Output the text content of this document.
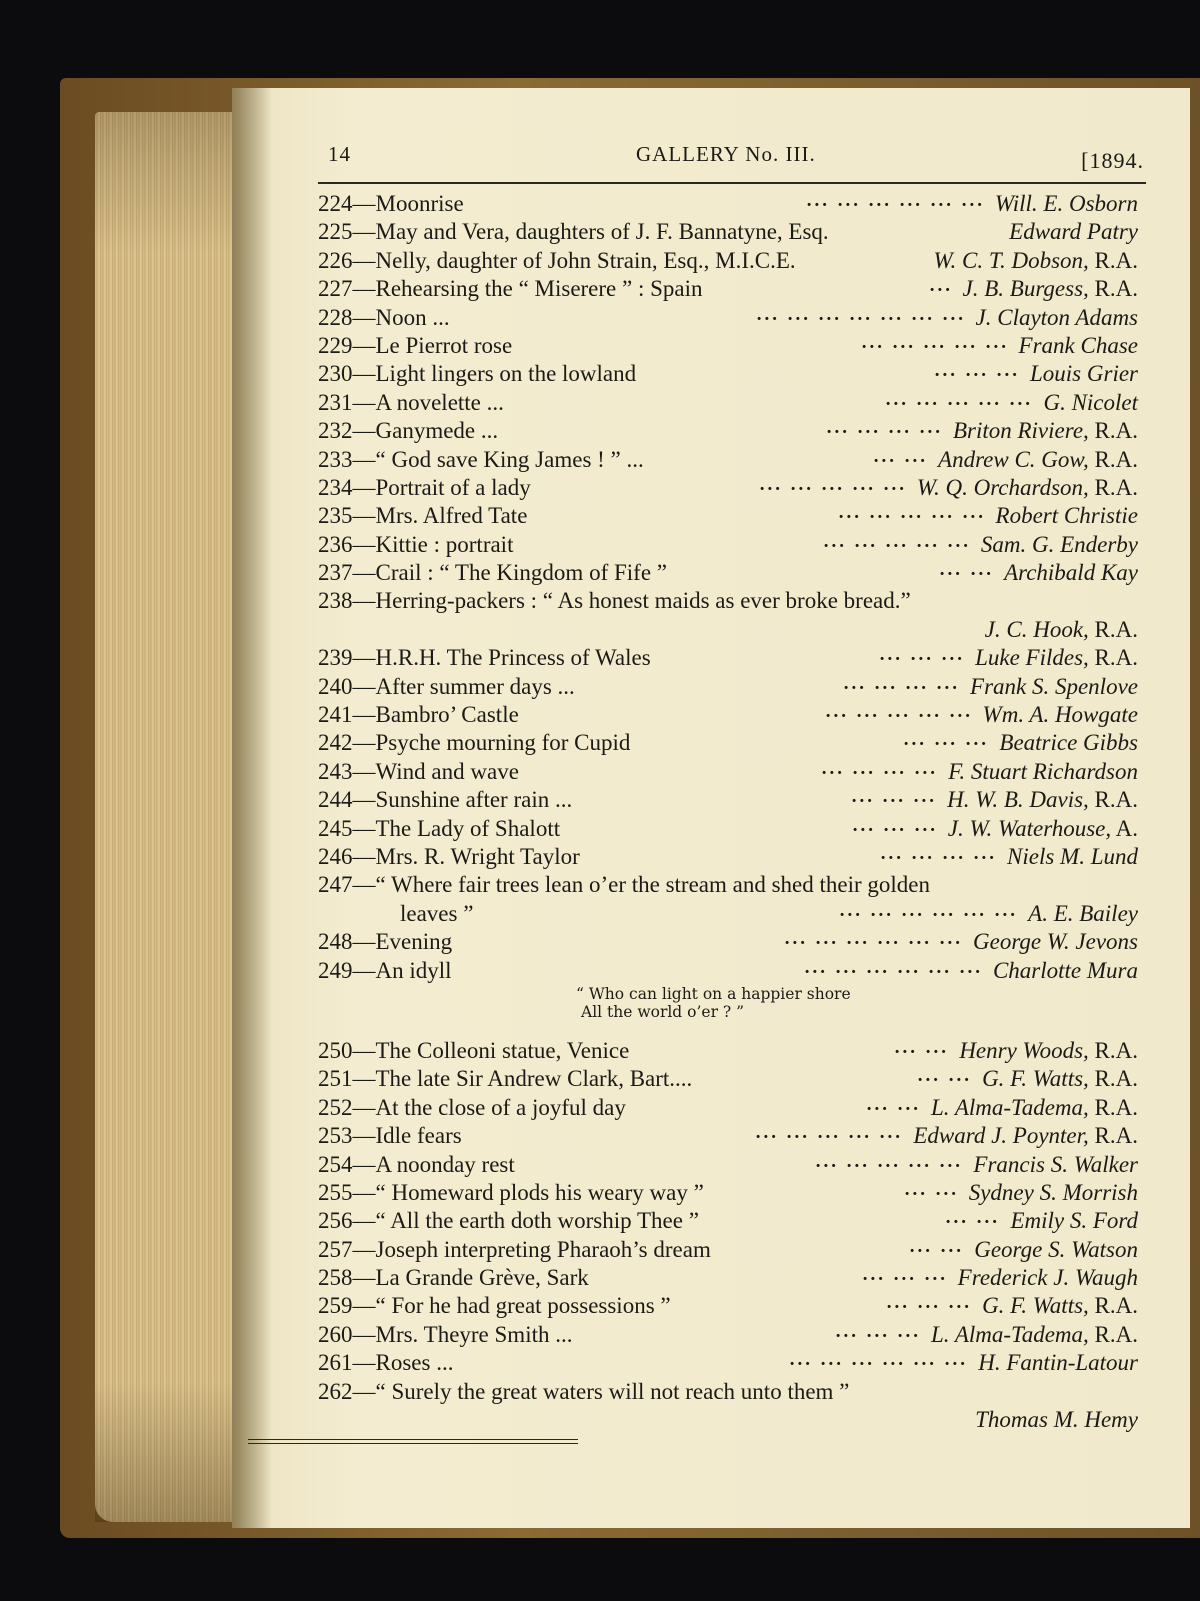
14	GALLERY No. III.	[1894.
224—Moonrise	... ... ... ... ... ... Will. E. Osborn
225—May and Vera, daughters of J. F. Bannatyne, Esq.	Edward Patry
226—Nelly, daughter of John Strain, Esq., M.I.C.E.	W. C. T. Dobson, R.A.
227—Rehearsing the “ Miserere ” : Spain	... J. B. Burgess, R.A.
228—Noon ...	... ... ... ... ... ... ... J. Clayton Adams
229—Le Pierrot rose	... ... ... ... ... Frank Chase
230—Light lingers on the lowland	... ... ... Louis Grier
231—A novelette ...	... ... ... ... ... G. Nicolet
232—Ganymede ...	... ... ... ... Briton Riviere, R.A.
233—“ God save King James ! ” ...	... ... Andrew C. Gow, R.A.
234—Portrait of a lady	... ... ... ... ... W. Q. Orchardson, R.A.
235—Mrs. Alfred Tate	... ... ... ... ... Robert Christie
236—Kittie : portrait	... ... ... ... ... Sam. G. Enderby
237—Crail : “ The Kingdom of Fife ”	... ... Archibald Kay
238—Herring-packers : “ As honest maids as ever broke bread.”
J. C. Hook, R.A.
239—H.R.H. The Princess of Wales	... ... ... Luke Fildes, R.A.
240—After summer days ...	... ... ... ... Frank S. Spenlove
241—Bambro’ Castle	... ... ... ... ... Wm. A. Howgate
242—Psyche mourning for Cupid	... ... ... Beatrice Gibbs
243—Wind and wave	... ... ... ... F. Stuart Richardson
244—Sunshine after rain ...	... ... ... H. W. B. Davis, R.A.
245—The Lady of Shalott	... ... ... J. W. Waterhouse, A.
246—Mrs. R. Wright Taylor	... ... ... ... Niels M. Lund
247—“ Where fair trees lean o’er the stream and shed their golden
leaves ”	... ... ... ... ... ... A. E. Bailey
248—Evening	... ... ... ... ... ... George W. Jevons
249—An idyll	... ... ... ... ... ... Charlotte Mura
“ Who can light on a happier shore
All the world o’er ? ”
250—The Colleoni statue, Venice	... ... Henry Woods, R.A.
251—The late Sir Andrew Clark, Bart....	... ... G. F. Watts, R.A.
252—At the close of a joyful day	... ... L. Alma-Tadema, R.A.
253—Idle fears	... ... ... ... ... Edward J. Poynter, R.A.
254—A noonday rest	... ... ... ... ... Francis S. Walker
255—“ Homeward plods his weary way ”	... ... Sydney S. Morrish
256—“ All the earth doth worship Thee ”	... ... Emily S. Ford
257—Joseph interpreting Pharaoh’s dream	... ... George S. Watson
258—La Grande Grève, Sark	... ... ... Frederick J. Waugh
259—“ For he had great possessions ”	... ... ... G. F. Watts, R.A.
260—Mrs. Theyre Smith ...	... ... ... L. Alma-Tadema, R.A.
261—Roses ...	... ... ... ... ... ... H. Fantin-Latour
262—“ Surely the great waters will not reach unto them ”
Thomas M. Hemy
